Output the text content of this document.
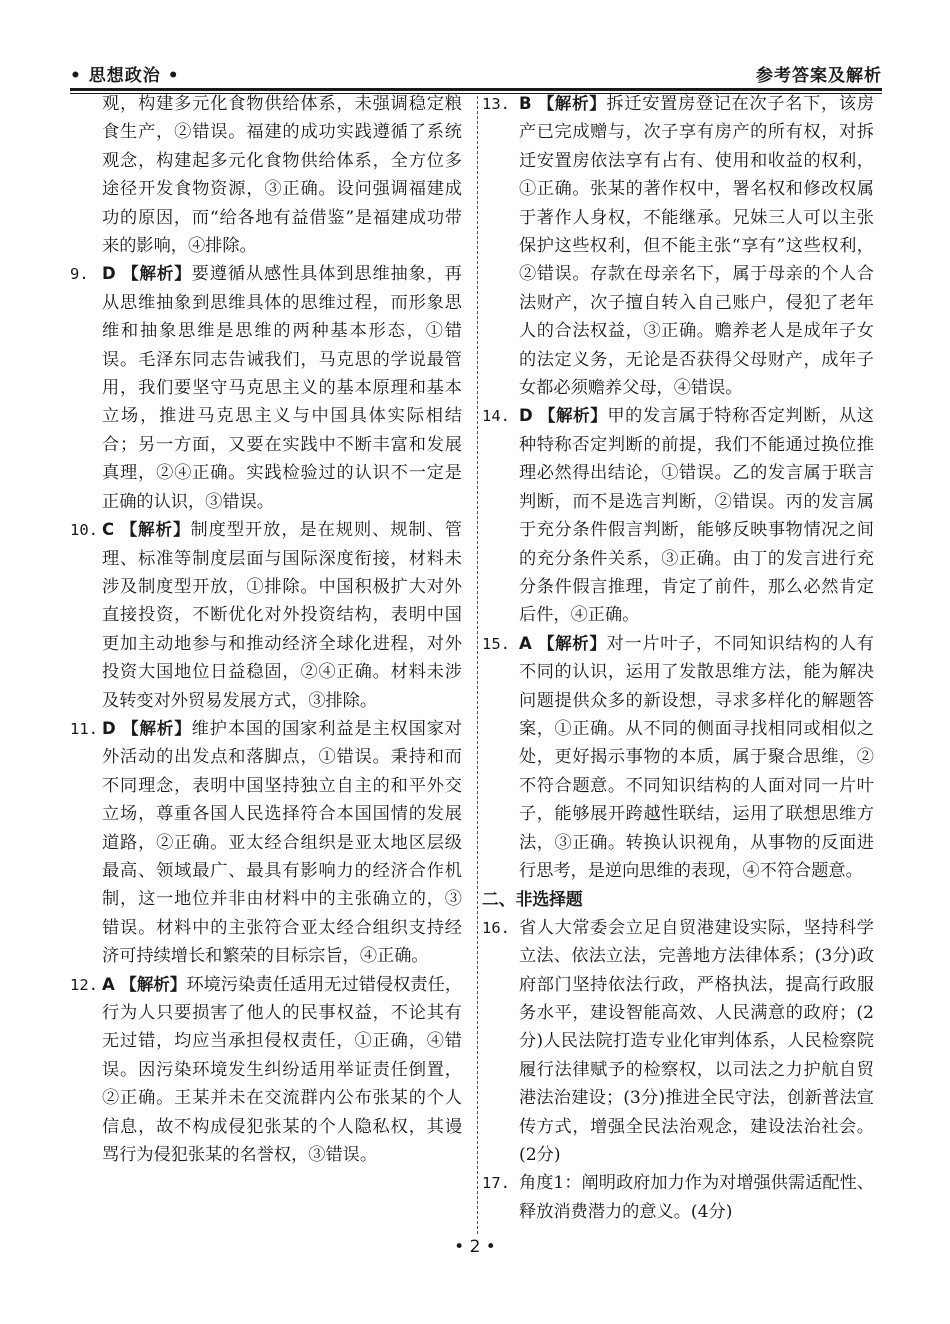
• 思想政治 •	参考答案及解析
观，构建多元化食物供给体系，未强调稳定粮食生产，②错误。福建的成功实践遵循了系统观念，构建起多元化食物供给体系，全方位多途径开发食物资源，③正确。设问强调福建成功的原因，而“给各地有益借鉴”是福建成功带来的影响，④排除。
9. D 【解析】要遵循从感性具体到思维抽象，再从思维抽象到思维具体的思维过程，而形象思维和抽象思维是思维的两种基本形态，①错误。毛泽东同志告诫我们，马克思的学说最管用，我们要坚守马克思主义的基本原理和基本立场，推进马克思主义与中国具体实际相结合；另一方面，又要在实践中不断丰富和发展真理，②④正确。实践检验过的认识不一定是正确的认识，③错误。
10. C 【解析】制度型开放，是在规则、规制、管理、标准等制度层面与国际深度衔接，材料未涉及制度型开放，①排除。中国积极扩大对外直接投资，不断优化对外投资结构，表明中国更加主动地参与和推动经济全球化进程，对外投资大国地位日益稳固，②④正确。材料未涉及转变对外贸易发展方式，③排除。
11. D 【解析】维护本国的国家利益是主权国家对外活动的出发点和落脚点，①错误。秉持和而不同理念，表明中国坚持独立自主的和平外交立场，尊重各国人民选择符合本国国情的发展道路，②正确。亚太经合组织是亚太地区层级最高、领域最广、最具有影响力的经济合作机制，这一地位并非由材料中的主张确立的，③错误。材料中的主张符合亚太经合组织支持经济可持续增长和繁荣的目标宗旨，④正确。
12. A 【解析】环境污染责任适用无过错侵权责任，行为人只要损害了他人的民事权益，不论其有无过错，均应当承担侵权责任，①正确，④错误。因污染环境发生纠纷适用举证责任倒置，②正确。王某并未在交流群内公布张某的个人信息，故不构成侵犯张某的个人隐私权，其谩骂行为侵犯张某的名誉权，③错误。
13. B 【解析】拆迁安置房登记在次子名下，该房产已完成赠与，次子享有房产的所有权，对拆迁安置房依法享有占有、使用和收益的权利，①正确。张某的著作权中，署名权和修改权属于著作人身权，不能继承。兄妹三人可以主张保护这些权利，但不能主张“享有”这些权利，②错误。存款在母亲名下，属于母亲的个人合法财产，次子擅自转入自己账户，侵犯了老年人的合法权益，③正确。赡养老人是成年子女的法定义务，无论是否获得父母财产，成年子女都必须赡养父母，④错误。
14. D 【解析】甲的发言属于特称否定判断，从这种特称否定判断的前提，我们不能通过换位推理必然得出结论，①错误。乙的发言属于联言判断，而不是选言判断，②错误。丙的发言属于充分条件假言判断，能够反映事物情况之间的充分条件关系，③正确。由丁的发言进行充分条件假言推理，肯定了前件，那么必然肯定后件，④正确。
15. A 【解析】对一片叶子，不同知识结构的人有不同的认识，运用了发散思维方法，能为解决问题提供众多的新设想，寻求多样化的解题答案，①正确。从不同的侧面寻找相同或相似之处，更好揭示事物的本质，属于聚合思维，②不符合题意。不同知识结构的人面对同一片叶子，能够展开跨越性联结，运用了联想思维方法，③正确。转换认识视角，从事物的反面进行思考，是逆向思维的表现，④不符合题意。
二、非选择题
16. 省人大常委会立足自贸港建设实际，坚持科学立法、依法立法，完善地方法律体系；(3分)政府部门坚持依法行政，严格执法，提高行政服务水平，建设智能高效、人民满意的政府；(2分)人民法院打造专业化审判体系，人民检察院履行法律赋予的检察权，以司法之力护航自贸港法治建设；(3分)推进全民守法，创新普法宣传方式，增强全民法治观念，建设法治社会。(2分)
17. 角度1：阐明政府加力作为对增强供需适配性、释放消费潜力的意义。(4分)
• 2 •
